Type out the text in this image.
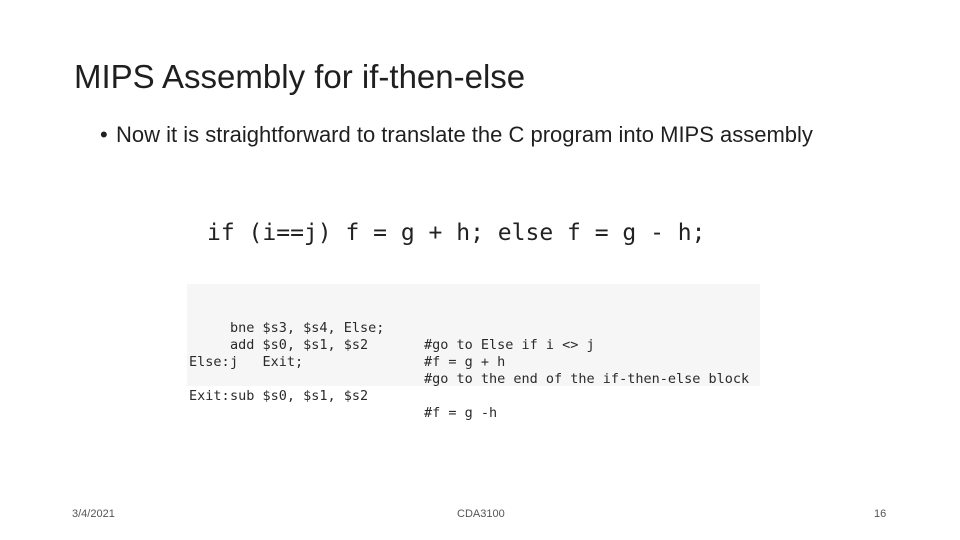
MIPS Assembly for if-then-else
• Now it is straightforward to translate the C program into MIPS assembly
if (i==j) f = g + h; else f = g - h;

bne $s3, $s4, Else;

#go to Else if i <> j

add $s0, $s1, $s2

#f = g + h

j   Exit;

#go to the end of the if-then-else block

Else:

sub $s0, $s1, $s2

#f = g -h

Exit:

3/4/2021	CDA3100	16
